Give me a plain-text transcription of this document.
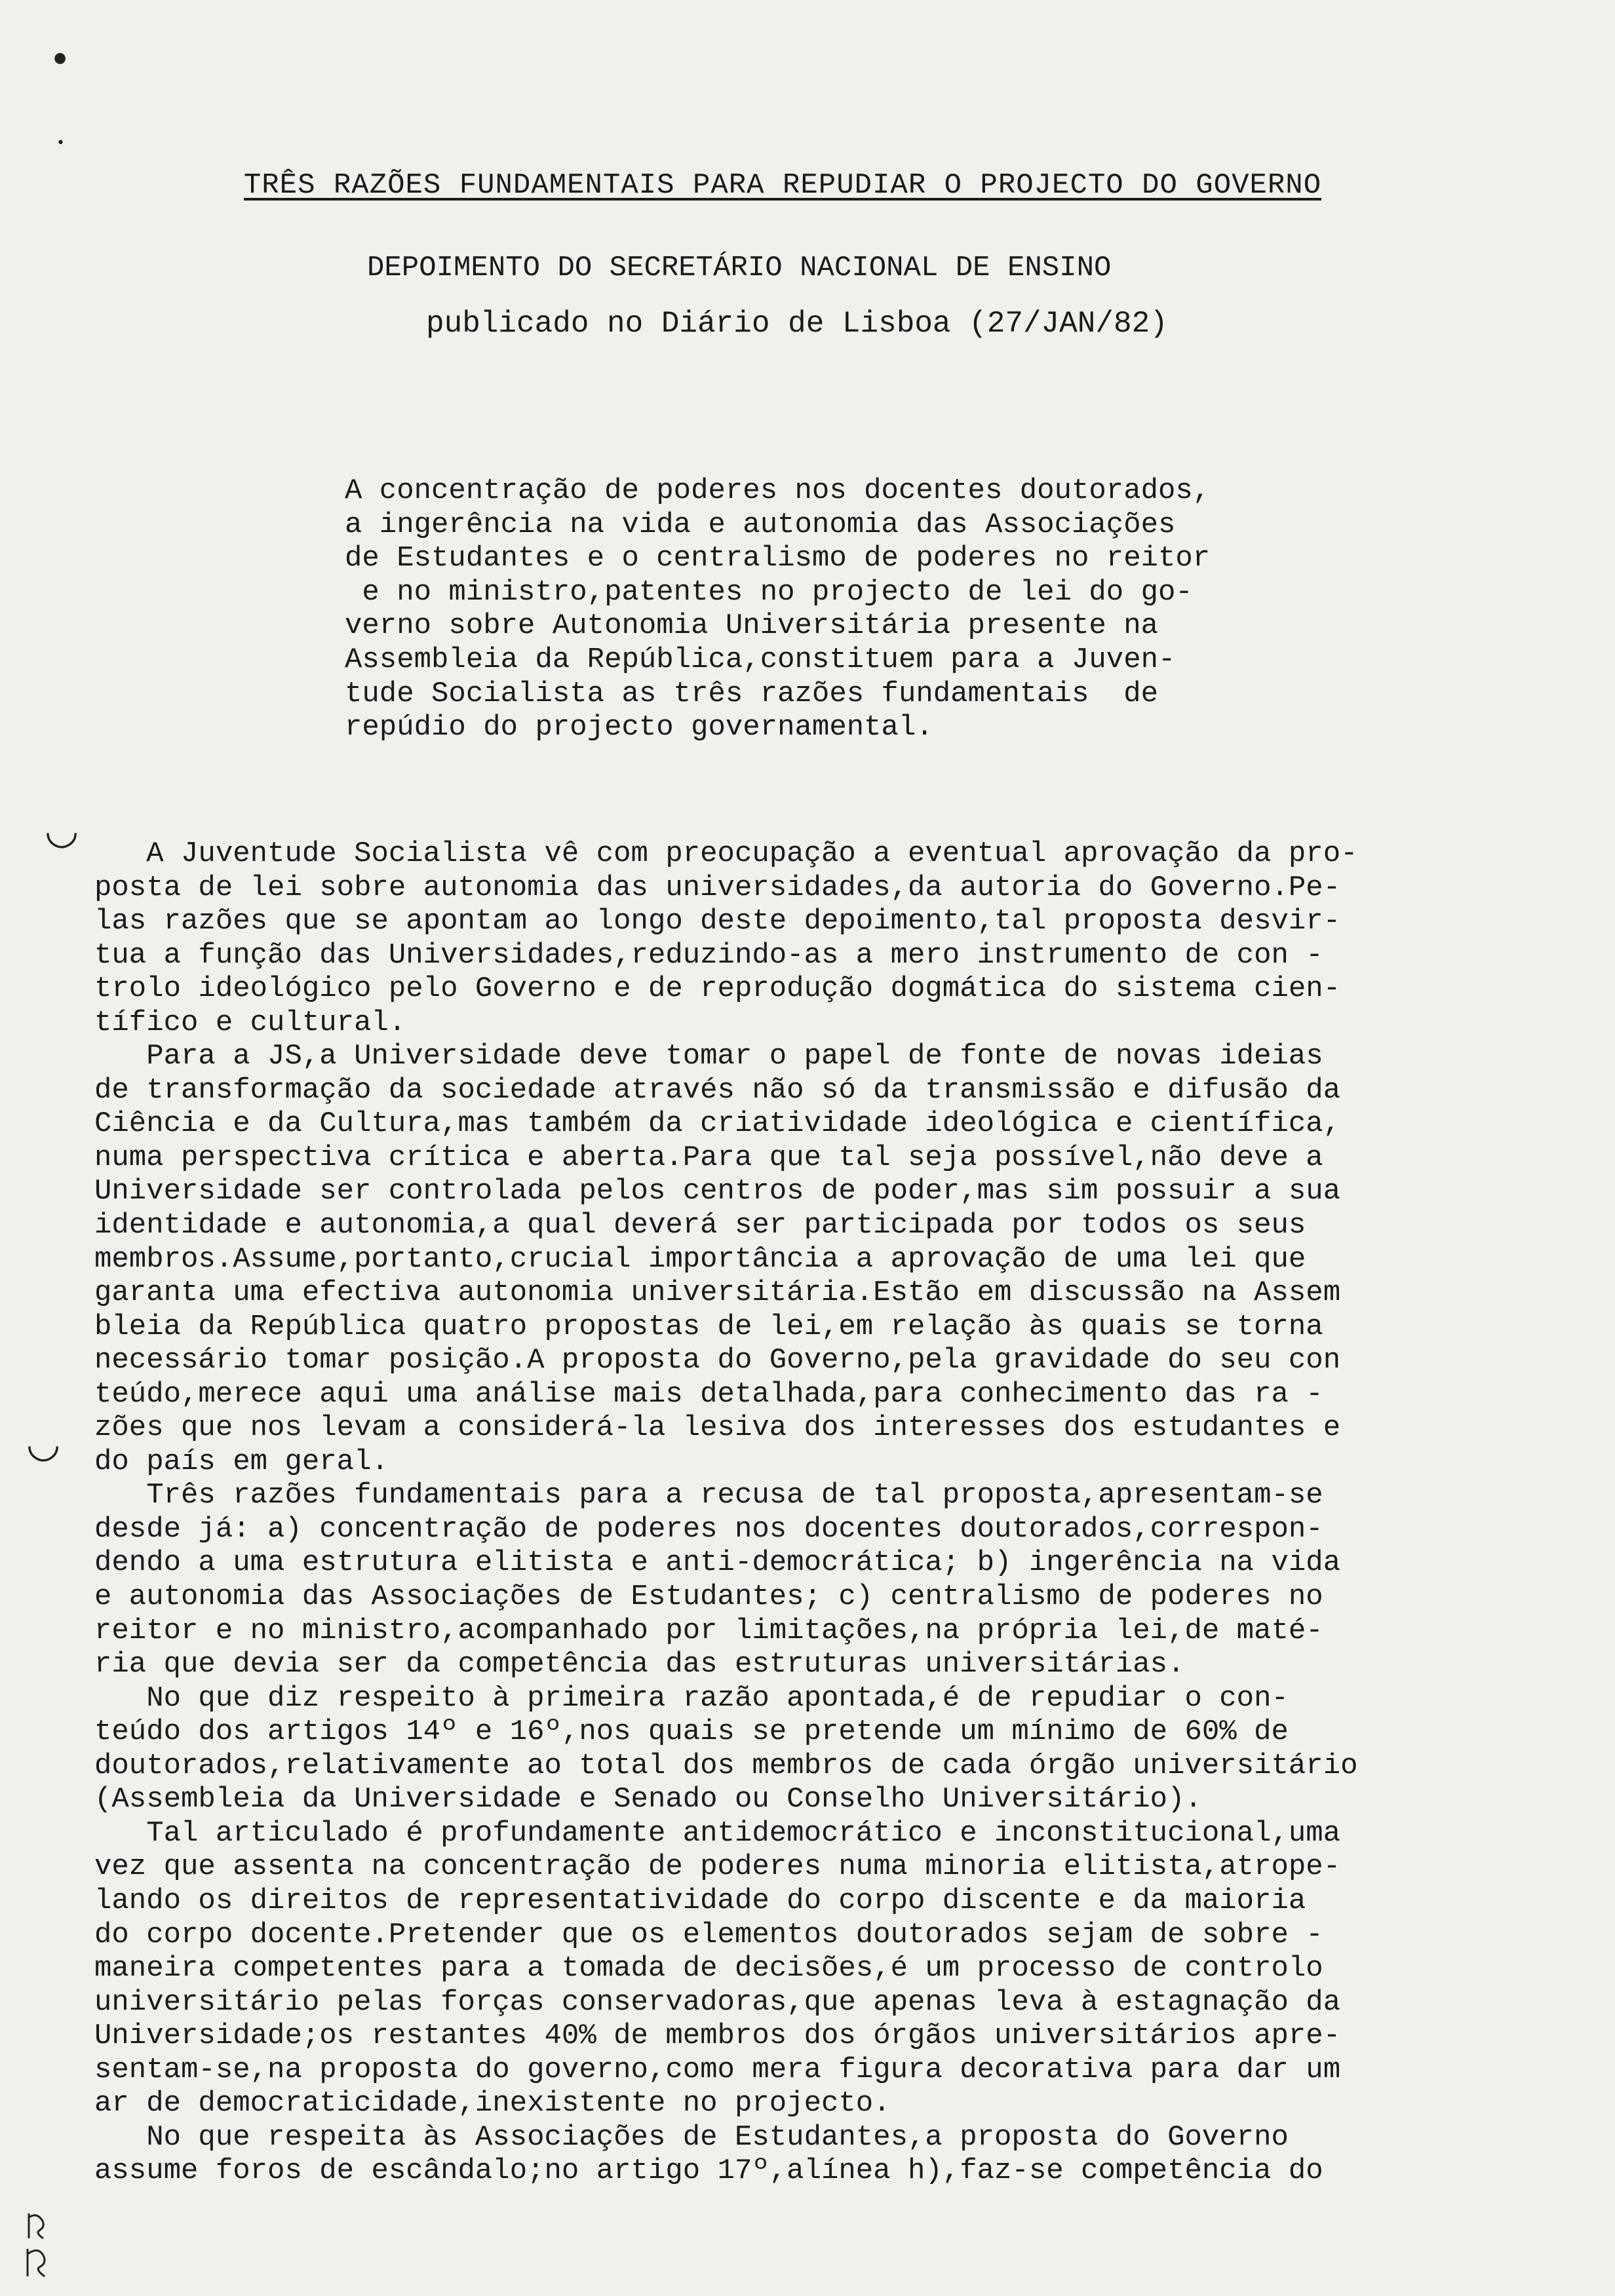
●
•
TRÊS RAZÕES FUNDAMENTAIS PARA REPUDIAR O PROJECTO DO GOVERNO
DEPOIMENTO DO SECRETÁRIO NACIONAL DE ENSINO
publicado no Diário de Lisboa (27/JAN/82)
A concentração de poderes nos docentes doutorados,
a ingerência na vida e autonomia das Associações
de Estudantes e o centralismo de poderes no reitor
e no ministro,patentes no projecto de lei do go-
verno sobre Autonomia Universitária presente na
Assembleia da República,constituem para a Juven-
tude Socialista as três razões fundamentais  de
repúdio do projecto governamental.
◡
A Juventude Socialista vê com preocupação a eventual aprovação da pro-
posta de lei sobre autonomia das universidades,da autoria do Governo.Pe-
las razões que se apontam ao longo deste depoimento,tal proposta desvir-
tua a função das Universidades,reduzindo-as a mero instrumento de con -
trolo ideológico pelo Governo e de reprodução dogmática do sistema cien-
tífico e cultural.
Para a JS,a Universidade deve tomar o papel de fonte de novas ideias
de transformação da sociedade através não só da transmissão e difusão da
Ciência e da Cultura,mas também da criatividade ideológica e científica,
numa perspectiva crítica e aberta.Para que tal seja possível,não deve a
Universidade ser controlada pelos centros de poder,mas sim possuir a sua
identidade e autonomia,a qual deverá ser participada por todos os seus
membros.Assume,portanto,crucial importância a aprovação de uma lei que
garanta uma efectiva autonomia universitária.Estão em discussão na Assem
bleia da República quatro propostas de lei,em relação às quais se torna
necessário tomar posição.A proposta do Governo,pela gravidade do seu con
teúdo,merece aqui uma análise mais detalhada,para conhecimento das ra -
zões que nos levam a considerá-la lesiva dos interesses dos estudantes e
do país em geral.
Três razões fundamentais para a recusa de tal proposta,apresentam-se
desde já: a) concentração de poderes nos docentes doutorados,correspon-
dendo a uma estrutura elitista e anti-democrática; b) ingerência na vida
e autonomia das Associações de Estudantes; c) centralismo de poderes no
reitor e no ministro,acompanhado por limitações,na própria lei,de maté-
ria que devia ser da competência das estruturas universitárias.
No que diz respeito à primeira razão apontada,é de repudiar o con-
teúdo dos artigos 14º e 16º,nos quais se pretende um mínimo de 60% de
doutorados,relativamente ao total dos membros de cada órgão universitário
(Assembleia da Universidade e Senado ou Conselho Universitário).
Tal articulado é profundamente antidemocrático e inconstitucional,uma
vez que assenta na concentração de poderes numa minoria elitista,atrope-
lando os direitos de representatividade do corpo discente e da maioria
do corpo docente.Pretender que os elementos doutorados sejam de sobre -
maneira competentes para a tomada de decisões,é um processo de controlo
universitário pelas forças conservadoras,que apenas leva à estagnação da
Universidade;os restantes 40% de membros dos órgãos universitários apre-
sentam-se,na proposta do governo,como mera figura decorativa para dar um
ar de democraticidade,inexistente no projecto.
No que respeita às Associações de Estudantes,a proposta do Governo
assume foros de escândalo;no artigo 17º,alínea h),faz-se competência do
◡
